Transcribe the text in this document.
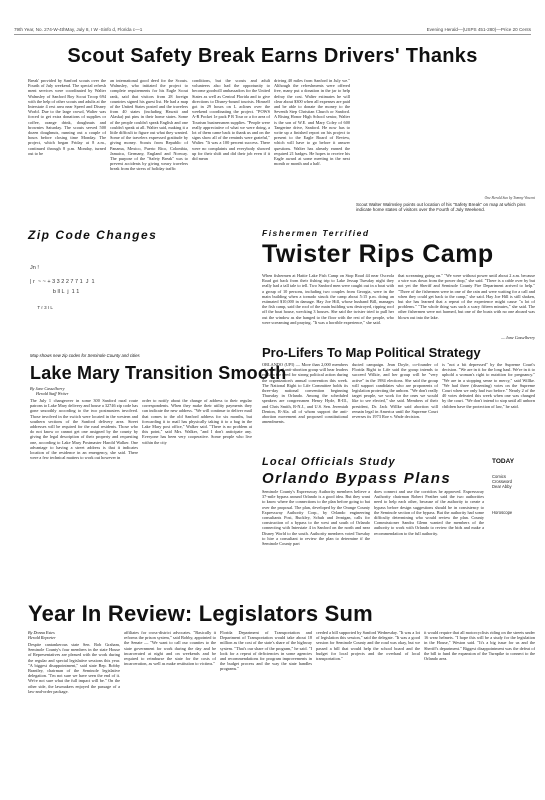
79th Year, No. 274-W-4thMay, July 8, I W -Sinfo d, Florida c—1	Evening Herald—(USPS 451-280)—Price 20 Cents
Scout Safety Break Earns Drivers' Thanks
Break' provided by Sanford scouts over the Fourth of July weekend. The special refresh ment services were coordinated by Walter Walmsley of Sanford Boy Scout Troop 694 with the help of other scouts and adults at the Interstate 4 rest area near Speed and Disney World. Due to the large crowd, Walter was forced to get extra donations of supplies or coffee, orange drink, doughnuts and brownies Saturday. The scouts served 500 dozen doughnuts, running out a couple of hours before closing time Monday. The project, which began Friday at 8 a.m., continued through 8 p.m. Monday, turned out to be
an international good deed for the Scouts. Walmsley, who initiated the project to complete requirements for his Eagle Scout rank, said that visitors from 28 foreign countries signed his guest list. He had a map of the United States posted and the travelers from 40 states (including Hawaii and Alaska) put pins in their home states. Some of the people couldn't speak English and one couldn't speak at all. Walter said, making it a little difficult to figure out what they wanted. Some of the travelers expressed gratitude by giving money. Scouts from Republic of Panama, Mexico, Puerto Rico, Colombia, Jamaica, Germany, England and Norway. The purpose of the "Safety Break" was to prevent accidents by giving weary travelers break from the stress of holiday traffic
conditions, but the scouts and adult volunteers also had the opportunity to become goodwill ambassadors for the United States as well as Central Florida and to give directions to Disney-bound tourists. Himself got in 29 hours on L aclines over the weekend coordinating the project. "POWS A-R Pocket 1e pack P R Tour or a for area of Tourism businessmen supplies. "People were really appreciative of what we were doing, a lot of them came back to thank us and on the signs show all of the reminds were grateful," Walter. "It was a 100 percent success. There were no complaints and everybody showed up for their shift and did their job even if it did mean
driving 40 miles from Sanford in July we." Although the refreshments were offered free, many put a donation in the jar to help defray the cost. Walter estimates he will clear about $300 when all expenses are paid and be able to donate the money to the Seventh Step Christian Church or Sanford. A Rising Honor High School senior, Walter is the son of W.E. and Mary Coley of 600 Tangerine drive, Sanford. He now has to write up a finished report on his project to present to the Eagle Board of Review, which will have to go before it answer questions. Walter has already earned the required 21 badges. He hopes to receive his Eagle award at some meeting in the next month or month and a half.
One Herald Sun by Tommy Vincent
Scout Walter Walmsley points out location of his "Safety Break" on map at which pins indicate home states of visitors over the Fourth of July Weekend.
Zip Code Changes
Jn !
| r  ~ ~ + 3 3 2 2 7 7 1  J  1
b ll L  j  1 1
T r 3 I L
Map shows new zip codes for Seminole County and cities
Fishermen Terrified
Twister Rips Camp
When fishermen at Hattie Lake Fish Camp on Stop Road 44 near Osceola Road got back from their fishing trip to Lake Jessup Tuesday night they really had a tall tale to tell. Two Sanford men were caught out in a boat with a group of 10 persons, including two couples from Georgia, were in the main building when a tornado struck the camp about 5:15 p.m. doing an estimated $10,000 in damage. Hay Joe Hill, whose husband Bill, manages the fish camp, said the roof of the main building was destroyed, ripping roof off the boat house, wrecking 3 houses. She said the twister tried to pull her out the window as she hanged to the floor with the rest of the people, who were screaming and praying. "It was a horrible experience," she said.
that screaming going on." "We were without power until about 2 a.m. because a wire was down from the power drop," she said. "There is a cable over by but not yet the Sheriff and Seminole County Fire Department arrived to help." "Three of the fishermen were in one of the rain and were waiting for a call and when they could get back to the camp," she said. Hay Joe Hill is still shaken, but she has learned that a repeat of the experience might cause "a lot of problems." "The whole thing was such a scary fifteen minutes," she said. The other fishermen were not harmed, but one of the boats with no one aboard was blown out into the lake.
— Jane Casselberry
Pro-Lifers To Map Political Strategy
ORLANDO (UPI) — More than 2,000 members of a national anti-abortion group will hear leaders explain the need for strong political action during the organization's annual convention this week. The National Right to Life Committee holds its three-day national convention beginning Thursday in Orlando. Among the scheduled speakers are congressmen Henry Hyde, R-Ill., and Chris Smith, R-N.J., and U.S. Sen. Jeremiah Denton, R-Ala. all of whom support the anti-abortion movement and proposed constitutional amendments.
ducted campaign. Jean Doyle, co-founder of Florida Right to Life said the group intends to succeed Wilkie, and her group will be "very active" in the 1984 elections. She said the group will support candidates who are proponents of legislation protecting the unborn. "We don't really target people, we work for the ones we would like to see elected," she said. Members of their president, Dr. Jack Willke said abortion will remain legal in America until the Supreme Court reverses its 1973 Roe v. Wade decision.
is "not a bit depressed" by the Supreme Court's decision. "We are in it for the long haul. We're in it to uphold a woman's right to nutrition for pregnancy." "We are in a stopping sense to mercy," said Willke. "We had three (dissenting) votes on the Supreme Court when we only had two before." Nearly 2 of the 40 votes defeated this week when one was changed by the court. "We don't intend to stop until all unborn children have the protection of law," he said.
Lake Mary Transition Smooth
By Jane Casselberry
Herald Staff Writer
The July 1 changeover in some 300 Sanford rural route patrons to Lake Mary delivery and house a 32746 zip code has gone smoothly according to the two postmasters involved. Those involved in the switch were located in the western and southern sections of the Sanford delivery area. Street addresses will be required for the rural residents. Those who do not know or cannot get one assigned by the county by giving the legal description of their property and requesting one, according to Lake Mary Postmaster Harold Walker. One advantage to having a street address is that it indicates location of the residence in an emergency, she said. There were a few technical matters to work out however in
order to notify about the change of address to their regular correspondents. When they make their utility payments they can indicate the new address. "We will continue to deliver mail that comes to the old Sanford address for six months, but forwarding it to mail has physically taking it to a bag in the Lake Mary post office," Walker said. "There is no problem at this point," said Mrs. Walker, "and I don't anticipate any. Everyone has been very cooperative. Some people who live within the city
Local Officials Study	TODAY
Orlando Bypass Plans
Seminole County's Expressway Authority members believe a 37-mile bypass around Orlando is a good idea. But they want to know where the connections to the plan before going to bat over the proposal. The plan, developed by the Orange County Expressway Authority Corp., by Orlando engineering consultants Post, Buckley, Schuh and Jernigan, calls for construction of a bypass to the west and south of Orlando connecting with Interstate 4 in Sanford on the north and near Disney World to the south. Authority members voted Tuesday to hire a consultant to review the plan to determine if the Seminole County part
does connect and use the corridors he approved. Expressway Authority chairman Robert Feather said the two authorities need to help each other, because of the authority to create a bypass before design suggestions should be in consistency to the Seminole section of the bypass. But the authority had some difficulty determining who would review the plan. County Commissioner Sandra Glenn wanted the members of the authority to work with Orlando to review the bids and make a recommendation to the full authority.
Comics
Crossword
Dear Abby
Horoscope
Year In Review: Legislators Sum
By Donna Estes
Herald Reporter
Despite cantankerous state Sen. Bob Graham, Seminole County's four members in the state House of Representatives are pleased with the work during the regular and special legislative sessions this year. "A biggest disappointment," said state Rep. Bobby Brantley, chairman of the Seminole legislative delegation. "I'm not sure we have seen the end of it. We're not sure what the full impact will be." On the other side, the lawmakers enjoyed the passage of a law-and-order package.
affiliates for cross-district advocates. "Basically it reforms the prison system," said Bobby, appointed to the Senate — "We want to call our counties to the state government for work during the day and be incarcerated at night and on weekends and be required to reimburse the state for the costs of incarceration, as well as make restitution to victims."
Florida Department of Transportation and Department of Transportation would take about 18 million as the cost of the state's share of the highway system. "That's our share of the program," he said. "I look for a repeat of deficiencies in some agencies and recommendations for program improvements in the budget process and the way the state handles programs."
ceeded a bill supported by Sanford Wednesday. "It was a lot of legislation this session," said the delegate. "It was a good session for Seminole County and the road was okay, but we passed a bill that would help the school board and the budget for local projects and the overhaul of local transportation."
it would require that all motorcyclists riding on the streets under 16 wear helmets. "I hope this will be a study for the legislation in the House," Weston said. "It's a big issue for us and the Sheriff's department." Biggest disappointment was the defeat of the bill to fund the expansion of the Turnpike to connect to the Orlando area.
